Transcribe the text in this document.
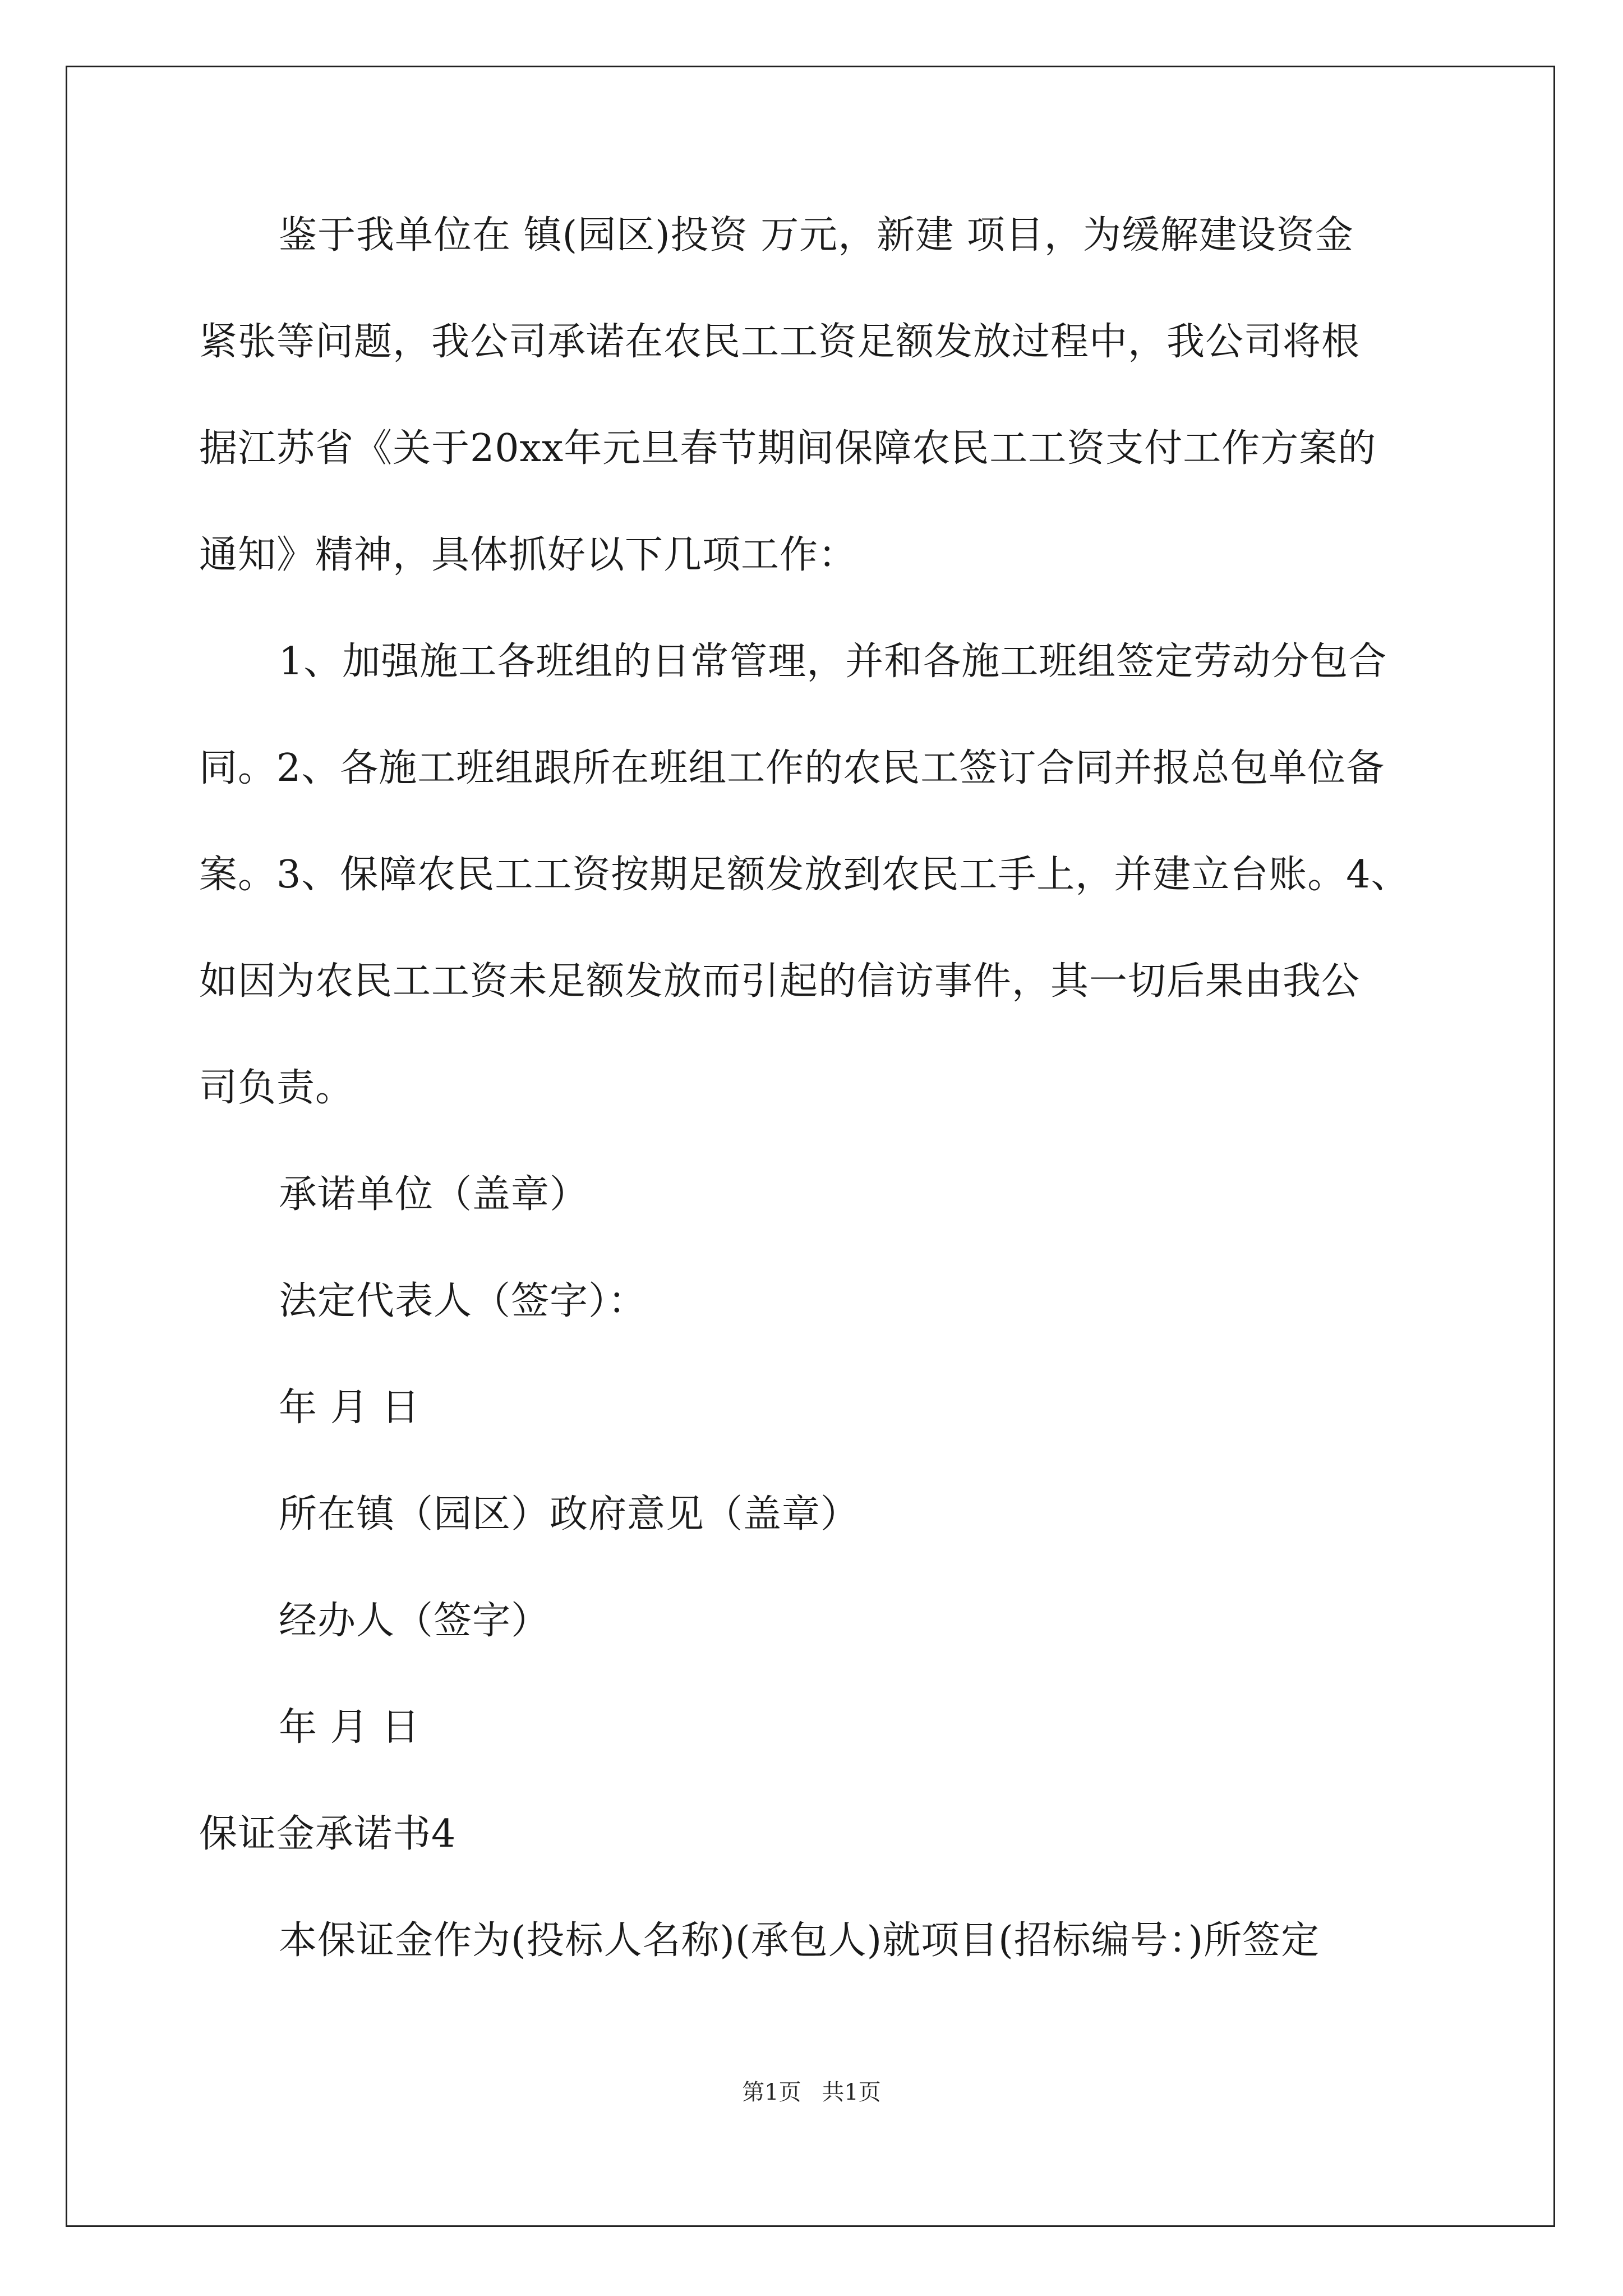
鉴于我单位在 镇(园区)投资 万元，新建 项目，为缓解建设资金
紧张等问题，我公司承诺在农民工工资足额发放过程中，我公司将根
据江苏省《关于20xx年元旦春节期间保障农民工工资支付工作方案的
通知》精神，具体抓好以下几项工作：
1、加强施工各班组的日常管理，并和各施工班组签定劳动分包合
同。2、各施工班组跟所在班组工作的农民工签订合同并报总包单位备
案。3、保障农民工工资按期足额发放到农民工手上，并建立台账。4、
如因为农民工工资未足额发放而引起的信访事件，其一切后果由我公
司负责。
承诺单位（盖章）
法定代表人（签字）：
年 月 日
所在镇（园区）政府意见（盖章）
经办人（签字）
年 月 日
保证金承诺书4
本保证金作为(投标人名称)(承包人)就项目(招标编号：)所签定
第1页 共1页
